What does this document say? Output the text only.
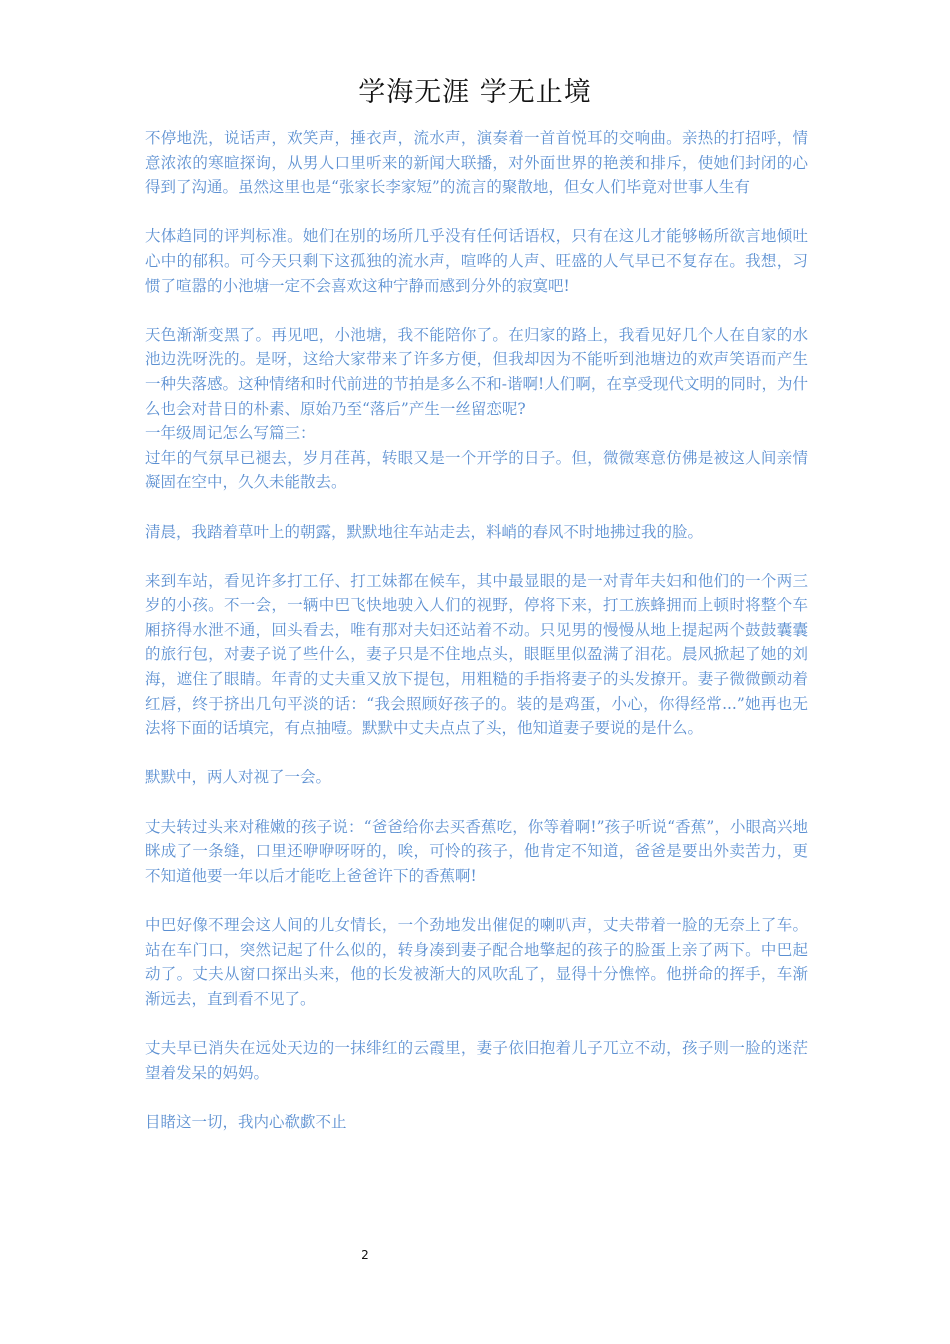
学海无涯 学无止境

不停地洗，说话声，欢笑声，捶衣声，流水声，演奏着一首首悦耳的交响曲。亲热的打招呼，情意浓浓的寒暄探询，从男人口里听来的新闻大联播，对外面世界的艳羡和排斥，使她们封闭的心得到了沟通。虽然这里也是“张家长李家短”的流言的聚散地，但女人们毕竟对世事人生有

大体趋同的评判标准。她们在别的场所几乎没有任何话语权，只有在这儿才能够畅所欲言地倾吐心中的郁积。可今天只剩下这孤独的流水声，喧哗的人声、旺盛的人气早已不复存在。我想，习惯了喧嚣的小池塘一定不会喜欢这种宁静而感到分外的寂寞吧!

天色渐渐变黑了。再见吧，小池塘，我不能陪你了。在归家的路上，我看见好几个人在自家的水池边洗呀洗的。是呀，这给大家带来了许多方便，但我却因为不能听到池塘边的欢声笑语而产生一种失落感。这种情绪和时代前进的节拍是多么不和-谐啊!人们啊，在享受现代文明的同时，为什么也会对昔日的朴素、原始乃至“落后”产生一丝留恋呢?

一年级周记怎么写篇三：

过年的气氛早已褪去，岁月荏苒，转眼又是一个开学的日子。但，微微寒意仿佛是被这人间亲情凝固在空中，久久未能散去。

清晨，我踏着草叶上的朝露，默默地往车站走去，料峭的春风不时地拂过我的脸。

来到车站，看见许多打工仔、打工妹都在候车，其中最显眼的是一对青年夫妇和他们的一个两三岁的小孩。不一会，一辆中巴飞快地驶入人们的视野，停将下来，打工族蜂拥而上顿时将整个车厢挤得水泄不通，回头看去，唯有那对夫妇还站着不动。只见男的慢慢从地上提起两个鼓鼓囊囊的旅行包，对妻子说了些什么，妻子只是不住地点头，眼眶里似盈满了泪花。晨风掀起了她的刘海，遮住了眼睛。年青的丈夫重又放下提包，用粗糙的手指将妻子的头发撩开。妻子微微颤动着红唇，终于挤出几句平淡的话：“我会照顾好孩子的。装的是鸡蛋，小心，你得经常...”她再也无法将下面的话填完，有点抽噎。默默中丈夫点点了头，他知道妻子要说的是什么。

默默中，两人对视了一会。

丈夫转过头来对稚嫩的孩子说：“爸爸给你去买香蕉吃，你等着啊!”孩子听说“香蕉”，小眼高兴地眯成了一条缝，口里还咿咿呀呀的，唉，可怜的孩子，他肯定不知道，爸爸是要出外卖苦力，更不知道他要一年以后才能吃上爸爸许下的香蕉啊!

中巴好像不理会这人间的儿女情长，一个劲地发出催促的喇叭声，丈夫带着一脸的无奈上了车。站在车门口，突然记起了什么似的，转身凑到妻子配合地擎起的孩子的脸蛋上亲了两下。中巴起动了。丈夫从窗口探出头来，他的长发被渐大的风吹乱了，显得十分憔悴。他拼命的挥手，车渐渐远去，直到看不见了。

丈夫早已消失在远处天边的一抹绯红的云霞里，妻子依旧抱着儿子兀立不动，孩子则一脸的迷茫望着发呆的妈妈。

目睹这一切，我内心欷歔不止

2
